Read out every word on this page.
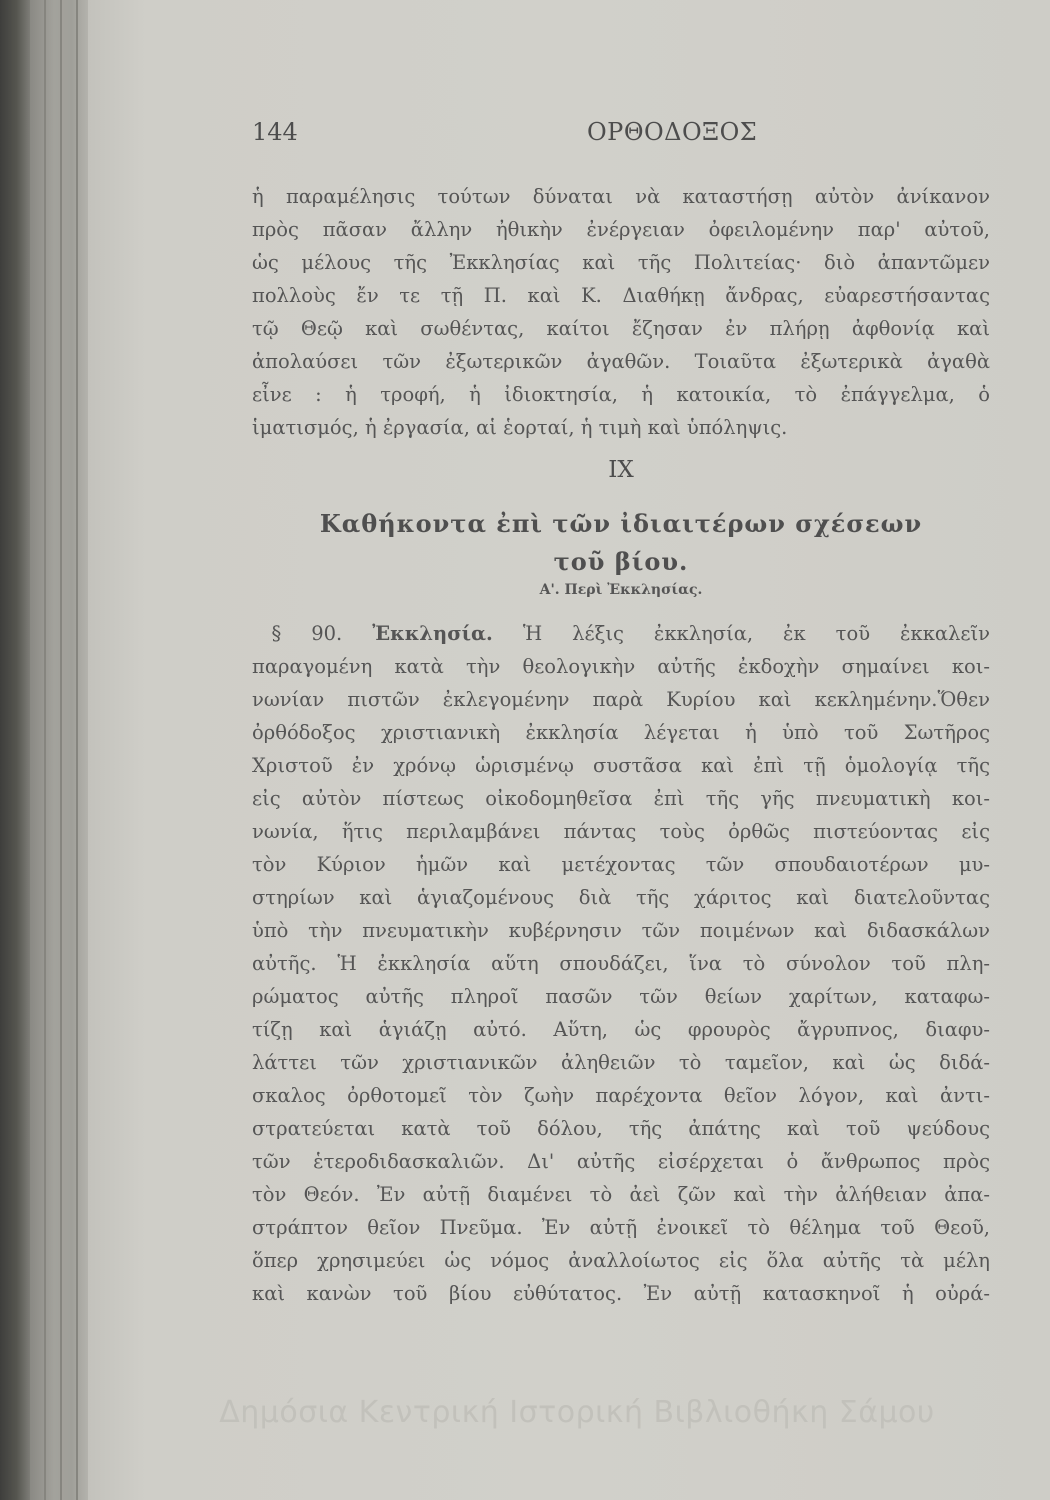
144	ΟΡΘΟΔΟΞΟΣ
ἡ παραμέλησις τούτων δύναται νὰ καταστήσῃ αὐτὸν ἀνίκανον
πρὸς πᾶσαν ἄλλην ἠθικὴν ἐνέργειαν ὀφειλομένην παρ' αὐτοῦ,
ὡς μέλους τῆς Ἐκκλησίας καὶ τῆς Πολιτείας· διὸ ἀπαντῶμεν
πολλοὺς ἔν τε τῇ Π. καὶ Κ. Διαθήκῃ ἄνδρας, εὐαρεστήσαντας
τῷ Θεῷ καὶ σωθέντας, καίτοι ἔζησαν ἐν πλήρῃ ἀφθονίᾳ καὶ
ἀπολαύσει τῶν ἐξωτερικῶν ἀγαθῶν. Τοιαῦτα ἐξωτερικὰ ἀγαθὰ
εἶνε : ἡ τροφή, ἡ ἰδιοκτησία, ἡ κατοικία, τὸ ἐπάγγελμα, ὁ
ἱματισμός, ἡ ἐργασία, αἱ ἑορταί, ἡ τιμὴ καὶ ὑπόληψις.
IX
Καθήκοντα ἐπὶ τῶν ἰδιαιτέρων σχέσεων
τοῦ βίου.
Α'. Περὶ Ἐκκλησίας.
 § 90. Ἐκκλησία. Ἡ λέξις ἐκκλησία, ἐκ τοῦ ἐκκαλεῖν
παραγομένη κατὰ τὴν θεολογικὴν αὐτῆς ἐκδοχὴν σημαίνει κοι-
νωνίαν πιστῶν ἐκλεγομένην παρὰ Κυρίου καὶ κεκλημένην.Ὅθεν
ὀρθόδοξος χριστιανικὴ ἐκκλησία λέγεται ἡ ὑπὸ τοῦ Σωτῆρος
Χριστοῦ ἐν χρόνῳ ὡρισμένῳ συστᾶσα καὶ ἐπὶ τῇ ὁμολογίᾳ τῆς
εἰς αὐτὸν πίστεως οἰκοδομηθεῖσα ἐπὶ τῆς γῆς πνευματικὴ κοι-
νωνία, ἥτις περιλαμβάνει πάντας τοὺς ὀρθῶς πιστεύοντας εἰς
τὸν Κύριον ἡμῶν καὶ μετέχοντας τῶν σπουδαιοτέρων μυ-
στηρίων καὶ ἁγιαζομένους διὰ τῆς χάριτος καὶ διατελοῦντας
ὑπὸ τὴν πνευματικὴν κυβέρνησιν τῶν ποιμένων καὶ διδασκάλων
αὐτῆς. Ἡ ἐκκλησία αὕτη σπουδάζει, ἵνα τὸ σύνολον τοῦ πλη-
ρώματος αὐτῆς πληροῖ πασῶν τῶν θείων χαρίτων, καταφω-
τίζῃ καὶ ἁγιάζῃ αὐτό. Αὕτη, ὡς φρουρὸς ἄγρυπνος, διαφυ-
λάττει τῶν χριστιανικῶν ἀληθειῶν τὸ ταμεῖον, καὶ ὡς διδά-
σκαλος ὀρθοτομεῖ τὸν ζωὴν παρέχοντα θεῖον λόγον, καὶ ἀντι-
στρατεύεται κατὰ τοῦ δόλου, τῆς ἀπάτης καὶ τοῦ ψεύδους
τῶν ἑτεροδιδασκαλιῶν. Δι' αὐτῆς εἰσέρχεται ὁ ἄνθρωπος πρὸς
τὸν Θεόν. Ἐν αὐτῇ διαμένει τὸ ἀεὶ ζῶν καὶ τὴν ἀλήθειαν ἀπα-
στράπτον θεῖον Πνεῦμα. Ἐν αὐτῇ ἐνοικεῖ τὸ θέλημα τοῦ Θεοῦ,
ὅπερ χρησιμεύει ὡς νόμος ἀναλλοίωτος εἰς ὅλα αὐτῆς τὰ μέλη
καὶ κανὼν τοῦ βίου εὐθύτατος. Ἐν αὐτῇ κατασκηνοῖ ἡ οὐρά-
Δημόσια Κεντρική Ιστορική Βιβλιοθήκη Σάμου
